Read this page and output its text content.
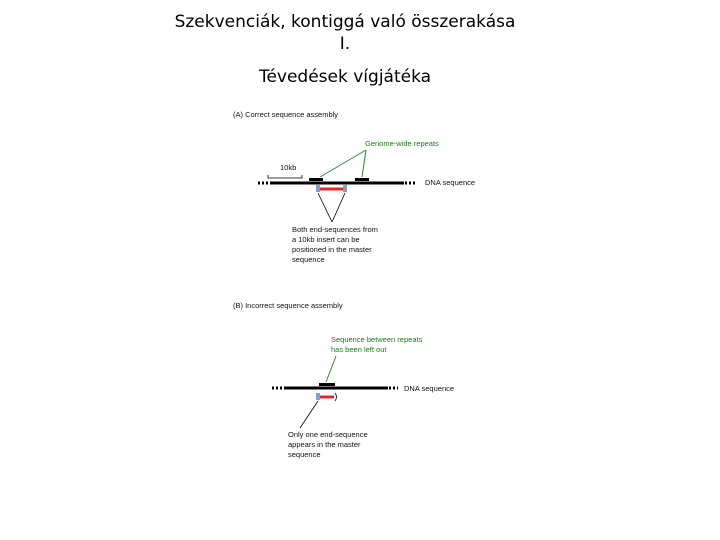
Szekvenciák, kontiggá való összerakása
I.
Tévedések vígjátéka
(A) Correct sequence assembly
10kb
DNA sequence
Genome-wide repeats
Both end-sequences from
a 10kb insert can be
positioned in the master
sequence
(B) Incorrect sequence assembly
Sequence between repeats
has been left out
DNA sequence
Only one end-sequence
appears in the master
sequence
